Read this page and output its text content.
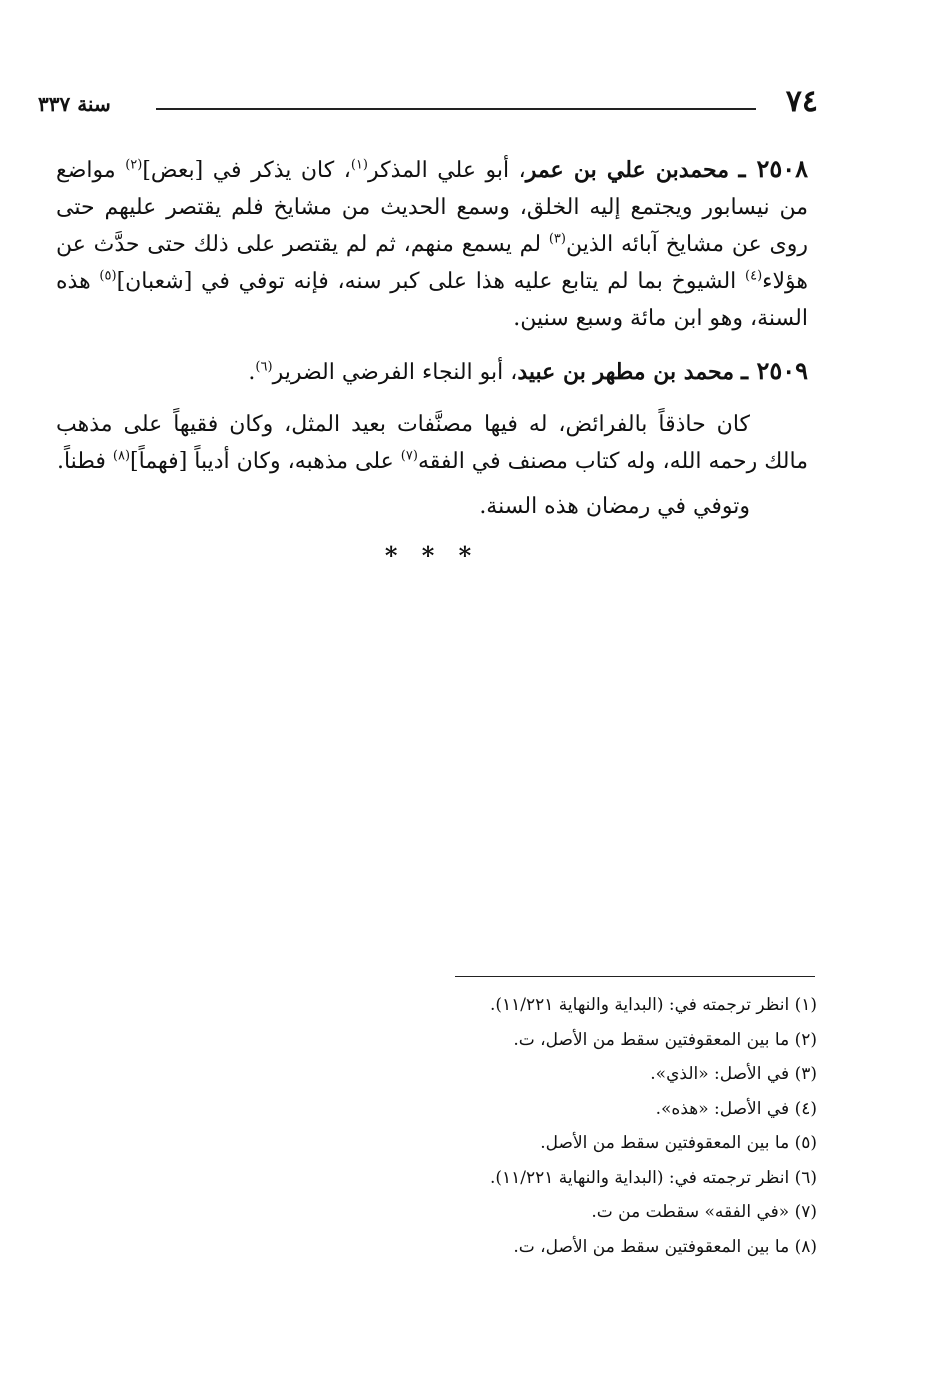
٧٤
سنة ٣٣٧

٢٥٠٨ ـ محمدبن علي بن عمر، أبو علي المذكر$^{(١)}$، كان يذكر في [بعض]$^{(٢)}$ مواضع من نيسابور ويجتمع إليه الخلق، وسمع الحديث من مشايخ فلم يقتصر عليهم حتى روى عن مشايخ آبائه الذين$^{(٣)}$ لم يسمع منهم، ثم لم يقتصر على ذلك حتى حدَّث عن هؤلاء$^{(٤)}$ الشيوخ بما لم يتابع عليه هذا على كبر سنه، فإنه توفي في [شعبان]$^{(٥)}$ هذه السنة، وهو ابن مائة وسبع سنين.

٢٥٠٩ ـ محمد بن مطهر بن عبيد، أبو النجاء الفرضي الضرير$^{(٦)}$.

كان حاذقاً بالفرائض، له فيها مصنَّفات بعيد المثل، وكان فقيهاً على مذهب مالك رحمه الله، وله كتاب مصنف في الفقه$^{(٧)}$ على مذهبه، وكان أديباً [فهماً]$^{(٨)}$ فطناً.

وتوفي في رمضان هذه السنة.

* * *
(١) انظر ترجمته في: (البداية والنهاية ١١/٢٢١).
(٢) ما بين المعقوفتين سقط من الأصل، ت.
(٣) في الأصل: «الذي».
(٤) في الأصل: «هذه».
(٥) ما بين المعقوفتين سقط من الأصل.
(٦) انظر ترجمته في: (البداية والنهاية ١١/٢٢١).
(٧) «في الفقه» سقطت من ت.
(٨) ما بين المعقوفتين سقط من الأصل، ت.
